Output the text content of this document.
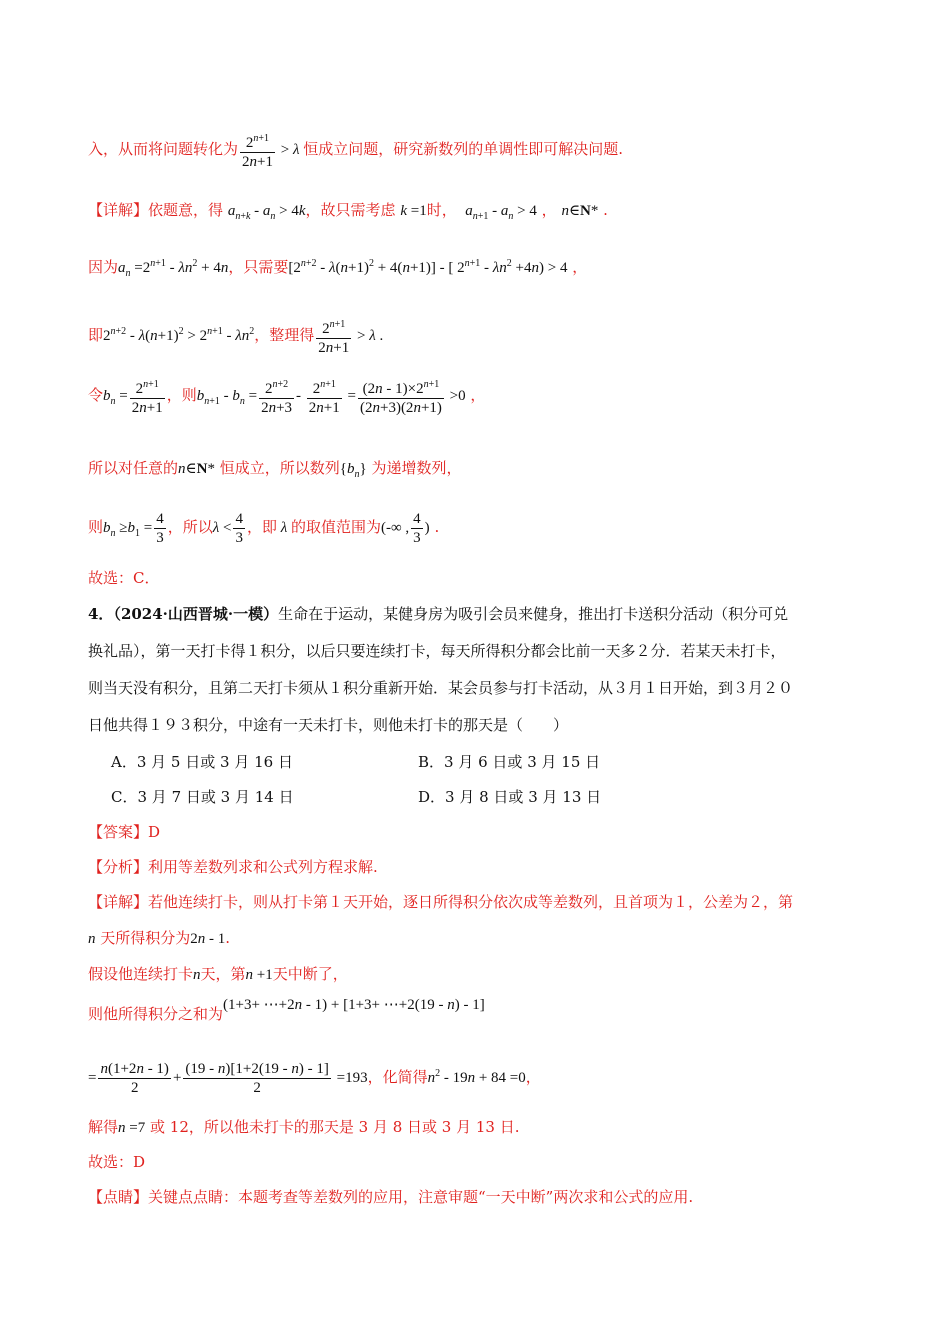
入，从而将问题转化为 $\frac{2^{n+1}}{2n+1} > \lambda$ 恒成立问题，研究新数列的单调性即可解决问题.
【详解】依题意，得 $a_{n+k} - a_n > 4k$，故只需考虑 k =1时， $a_{n+1} - a_n > 4$ ， n∈N* .
因为$a_n =2^{n+1} - \lambda n^2 + 4n$，只需要$[2^{n+2} - \lambda(n+1)^2 + 4(n+1)]$ - [ $2^{n+1} - \lambda n^2 +4n) > 4$ ，
即$2^{n+2} - \lambda(n+1)^2 > 2^{n+1} - \lambda n^2$，整理得 $\frac{2^{n+1}}{2n+1} > \lambda$ .
令$b_n = \frac{2^{n+1}}{2n+1}$ ，则$b_{n+1} - b_n = \frac{2^{n+2}}{2n+3} - \frac{2^{n+1}}{2n+1} = \frac{(2n - 1)\times 2^{n+1}}{(2n+3)(2n+1)} >0$ ，
所以对任意的n∈N* 恒成立，所以数列$\{b_n\}$ 为递增数列，
则$b_n \ge b_1 = \frac{4}{3}$ ，所以$\lambda < \frac{4}{3}$ ，即 λ 的取值范围为(-∞ , $\frac{4}{3}$ ) .
故选：C．
4．（2024·山西晋城·一模）生命在于运动，某健身房为吸引会员来健身，推出打卡送积分活动（积分可兑
换礼品），第一天打卡得１积分，以后只要连续打卡，每天所得积分都会比前一天多２分．若某天未打卡，
则当天没有积分，且第二天打卡须从１积分重新开始．某会员参与打卡活动，从３月１日开始，到３月２０
日他共得１９３积分，中途有一天未打卡，则他未打卡的那天是（　　）
A．3 月 5 日或 3 月 16 日	B．3 月 6 日或 3 月 15 日
C．3 月 7 日或 3 月 14 日	D．3 月 8 日或 3 月 13 日
【答案】D
【分析】利用等差数列求和公式列方程求解.
【详解】若他连续打卡，则从打卡第１天开始，逐日所得积分依次成等差数列，且首项为１，公差为２，第
n 天所得积分为2n - 1.
假设他连续打卡n天，第n +1天中断了，
则他所得积分之和为(1+3+ ⋯+2n - 1) + [1+3+ ⋯+2(19 - n) - 1]
= $\frac{n(1+2n - 1)}{2} + \frac{(19 - n)[1+2(19 - n) - 1]}{2} =193$，化简得$n^2 - 19n + 84 =0$，
解得n =7 或 12，所以他未打卡的那天是 3 月 8 日或 3 月 13 日.
故选：D
【点睛】关键点点睛：本题考查等差数列的应用，注意审题“一天中断”两次求和公式的应用.
